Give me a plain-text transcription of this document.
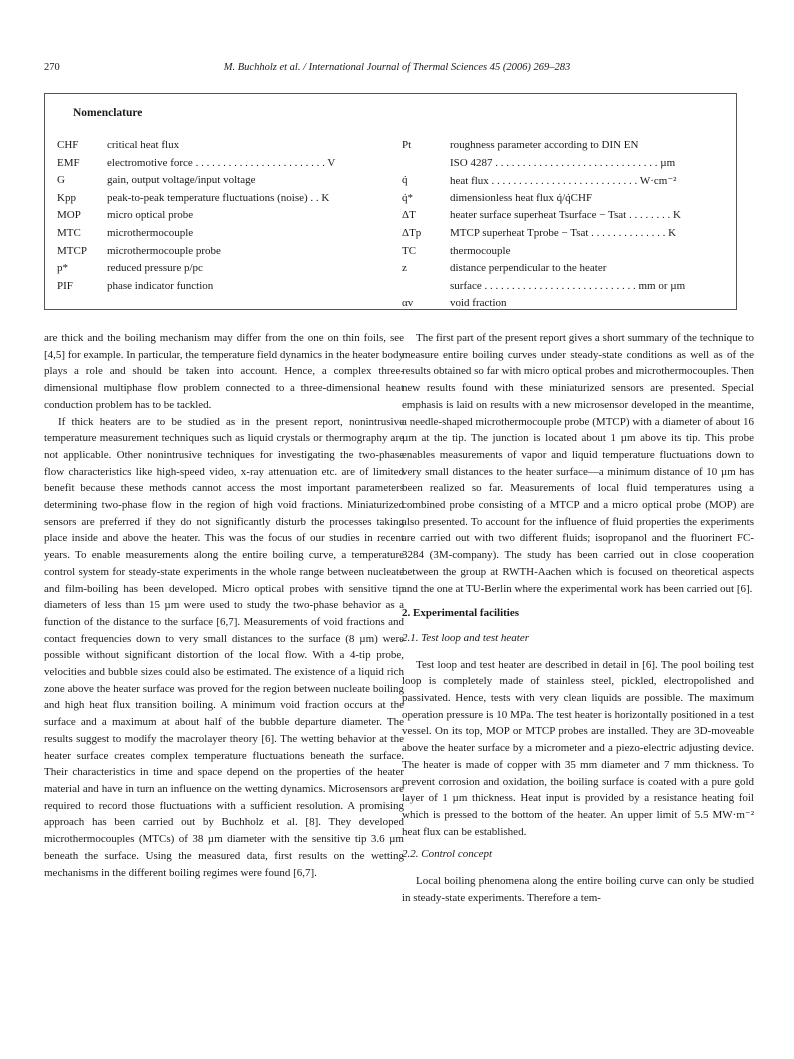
270	M. Buchholz et al. / International Journal of Thermal Sciences 45 (2006) 269–283
Nomenclature
CHF	critical heat flux
EMF electromotive force . . . . . . . . . . . . . . . . . . . . . . . . V
G	gain, output voltage/input voltage
Kpp	peak-to-peak temperature fluctuations (noise) . . K
MOP micro optical probe
MTC microthermocouple
MTCP microthermocouple probe
p*	reduced pressure p/pc
PIF	phase indicator function
Pt	roughness parameter according to DIN EN
ISO 4287 . . . . . . . . . . . . . . . . . . . . . . . . . . . . . . µm
q̇	heat flux . . . . . . . . . . . . . . . . . . . . . . . . . . . W·cm⁻²
q̇*	dimensionless heat flux q̇/q̇CHF
ΔT	heater surface superheat Tsurface − Tsat . . . . . . . . K
ΔTp	MTCP superheat Tprobe − Tsat . . . . . . . . . . . . . . K
TC	thermocouple
z	distance perpendicular to the heater
surface . . . . . . . . . . . . . . . . . . . . . . . . . . . . mm or µm
αv	void fraction

are thick and the boiling mechanism may differ from the one on thin foils, see [4,5] for example. In particular, the temperature field dynamics in the heater body plays a role and should be taken into account. Hence, a complex three-dimensional multiphase flow problem connected to a three-dimensional heat conduction problem has to be tackled.

If thick heaters are to be studied as in the present report, nonintrusive temperature measurement techniques such as liquid crystals or thermography are not applicable. Other nonintrusive techniques for investigating the two-phase flow characteristics like high-speed video, x-ray attenuation etc. are of limited benefit because these methods cannot access the most important parameters determining two-phase flow in the region of high void fractions. Miniaturized sensors are preferred if they do not significantly disturb the processes taking place inside and above the heater. This was the focus of our studies in recent years. To enable measurements along the entire boiling curve, a temperature control system for steady-state experiments in the whole range between nucleate and film-boiling has been developed. Micro optical probes with sensitive tip diameters of less than 15 µm were used to study the two-phase behavior as a function of the distance to the surface [6,7]. Measurements of void fractions and contact frequencies down to very small distances to the surface (8 µm) were possible without significant distortion of the local flow. With a 4-tip probe, velocities and bubble sizes could also be estimated. The existence of a liquid rich zone above the heater surface was proved for the region between nucleate boiling and high heat flux transition boiling. A minimum void fraction occurs at the surface and a maximum at about half of the bubble departure diameter. The results suggest to modify the macrolayer theory [6]. The wetting behavior at the heater surface creates complex temperature fluctuations beneath the surface. Their characteristics in time and space depend on the properties of the heater material and have in turn an influence on the wetting dynamics. Microsensors are required to record those fluctuations with a sufficient resolution. A promising approach has been carried out by Buchholz et al. [8]. They developed microthermocouples (MTCs) of 38 µm diameter with the sensitive tip 3.6 µm beneath the surface. Using the measured data, first results on the wetting mechanisms in the different boiling regimes were found [6,7].

The first part of the present report gives a short summary of the technique to measure entire boiling curves under steady-state conditions as well as of the results obtained so far with micro optical probes and microthermocouples. Then new results found with these miniaturized sensors are presented. Special emphasis is laid on results with a new microsensor developed in the meantime, a needle-shaped microthermocouple probe (MTCP) with a diameter of about 16 µm at the tip. The junction is located about 1 µm above its tip. This probe enables measurements of vapor and liquid temperature fluctuations down to very small distances to the heater surface—a minimum distance of 10 µm has been realized so far. Measurements of local fluid temperatures using a combined probe consisting of a MTCP and a micro optical probe (MOP) are also presented. To account for the influence of fluid properties the experiments are carried out with two different fluids; isopropanol and the fluorinert FC-3284 (3M-company). The study has been carried out in close cooperation between the group at RWTH-Aachen which is focused on theoretical aspects and the one at TU-Berlin where the experimental work has been carried out [6].

2. Experimental facilities

2.1. Test loop and test heater

Test loop and test heater are described in detail in [6]. The pool boiling test loop is completely made of stainless steel, pickled, electropolished and passivated. Hence, tests with very clean liquids are possible. The maximum operation pressure is 10 MPa. The test heater is horizontally positioned in a test vessel. On its top, MOP or MTCP probes are installed. They are 3D-moveable above the heater surface by a micrometer and a piezo-electric adjusting device. The heater is made of copper with 35 mm diameter and 7 mm thickness. To prevent corrosion and oxidation, the boiling surface is coated with a pure gold layer of 1 µm thickness. Heat input is provided by a resistance heating foil which is pressed to the bottom of the heater. An upper limit of 5.5 MW·m⁻² heat flux can be established.

2.2. Control concept

Local boiling phenomena along the entire boiling curve can only be studied in steady-state experiments. Therefore a tem-
